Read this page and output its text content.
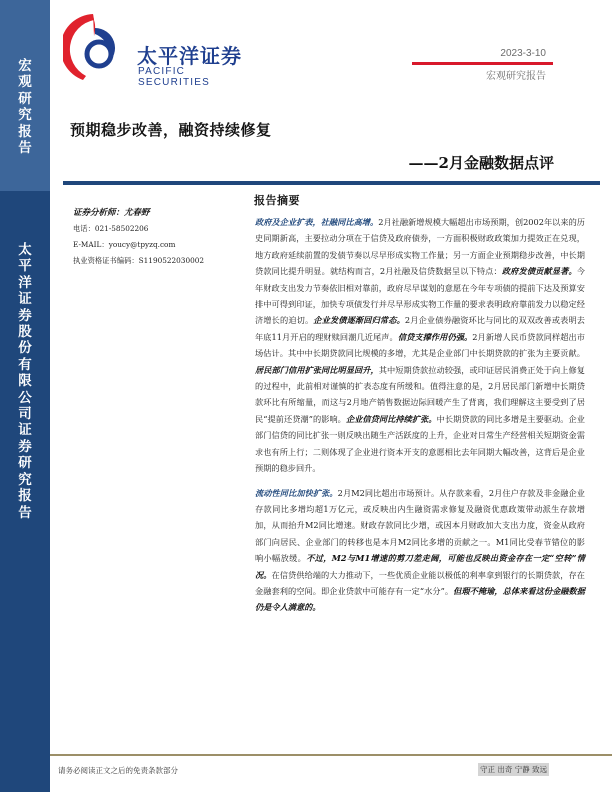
宏
观
研
究
报
告
太
平
洋
证
券
股
份
有
限
公
司
证
券
研
究
报
告
太平洋证券
PACIFIC SECURITIES
2023-3-10
宏观研究报告
预期稳步改善，融资持续修复
——2月金融数据点评
证券分析师：尤春野
电话：021-58502206
E-MAIL：youcy@tpyzq.com
执业资格证书编码：S1190522030002
报告摘要

政府及企业扩表，社融同比高增。2月社融新增规模大幅超出市场预期，创2002年以来的历史同期新高，主要拉动分项在于信贷及政府债券，一方面积极财政政策加力提效正在兑现，地方政府延续前置的发债节奏以尽早形成实物工作量；另一方面企业预期稳步改善，中长期贷款同比提升明显。就结构而言，2月社融及信贷数据呈以下特点：政府发债贡献显著。今年财政支出发力节奏依旧相对靠前，政府尽早谋划的意愿在今年专项债的提前下达及预算安排中可得到印证，加快专项债发行并尽早形成实物工作量的要求表明政府靠前发力以稳定经济增长的迫切。企业发债逐渐回归常态。2月企业债券融资环比与同比的双双改善或表明去年底11月开启的理财赎回潮几近尾声。信贷支撑作用仍强。2月新增人民币贷款同样超出市场估计。其中中长期贷款同比规模的多增，尤其是企业部门中长期贷款的扩张为主要贡献。居民部门信用扩张同比明显回升，其中短期贷款拉动较强，或印证居民消费正处于向上修复的过程中，此前相对谨慎的扩表态度有所缓和。值得注意的是，2月居民部门新增中长期贷款环比有所缩量，而这与2月地产销售数据边际回暖产生了背离，我们理解这主要受到了居民“提前还贷潮”的影响。企业信贷同比持续扩张。中长期贷款的同比多增是主要驱动。企业部门信贷的同比扩张一则反映出随生产活跃度的上升，企业对日常生产经营相关短期资金需求也有所上行；二则体现了企业进行资本开支的意愿相比去年同期大幅改善，这背后是企业预期的稳步回升。

流动性同比加快扩张。2月M2同比超出市场预计。从存款来看，2月住户存款及非金融企业存款同比多增均超1万亿元，或反映出内生融资需求修复及融资优惠政策带动派生存款增加，从而抬升M2同比增速。财政存款同比少增，或因本月财政加大支出力度，资金从政府部门向居民、企业部门的转移也是本月M2同比多增的贡献之一。M1同比受春节错位的影响小幅放缓。不过，M2与M1增速的剪刀差走阔，可能也反映出资金存在一定“空转”情况。在信贷供给端的大力推动下，一些优质企业能以极低的利率拿到银行的长期贷款，存在金融套利的空间。即企业贷款中可能存有一定“水分”。但瑕不掩瑜，总体来看这份金融数据仍是令人满意的。

请务必阅读正文之后的免责条款部分	守正 出奇 宁静 致远
